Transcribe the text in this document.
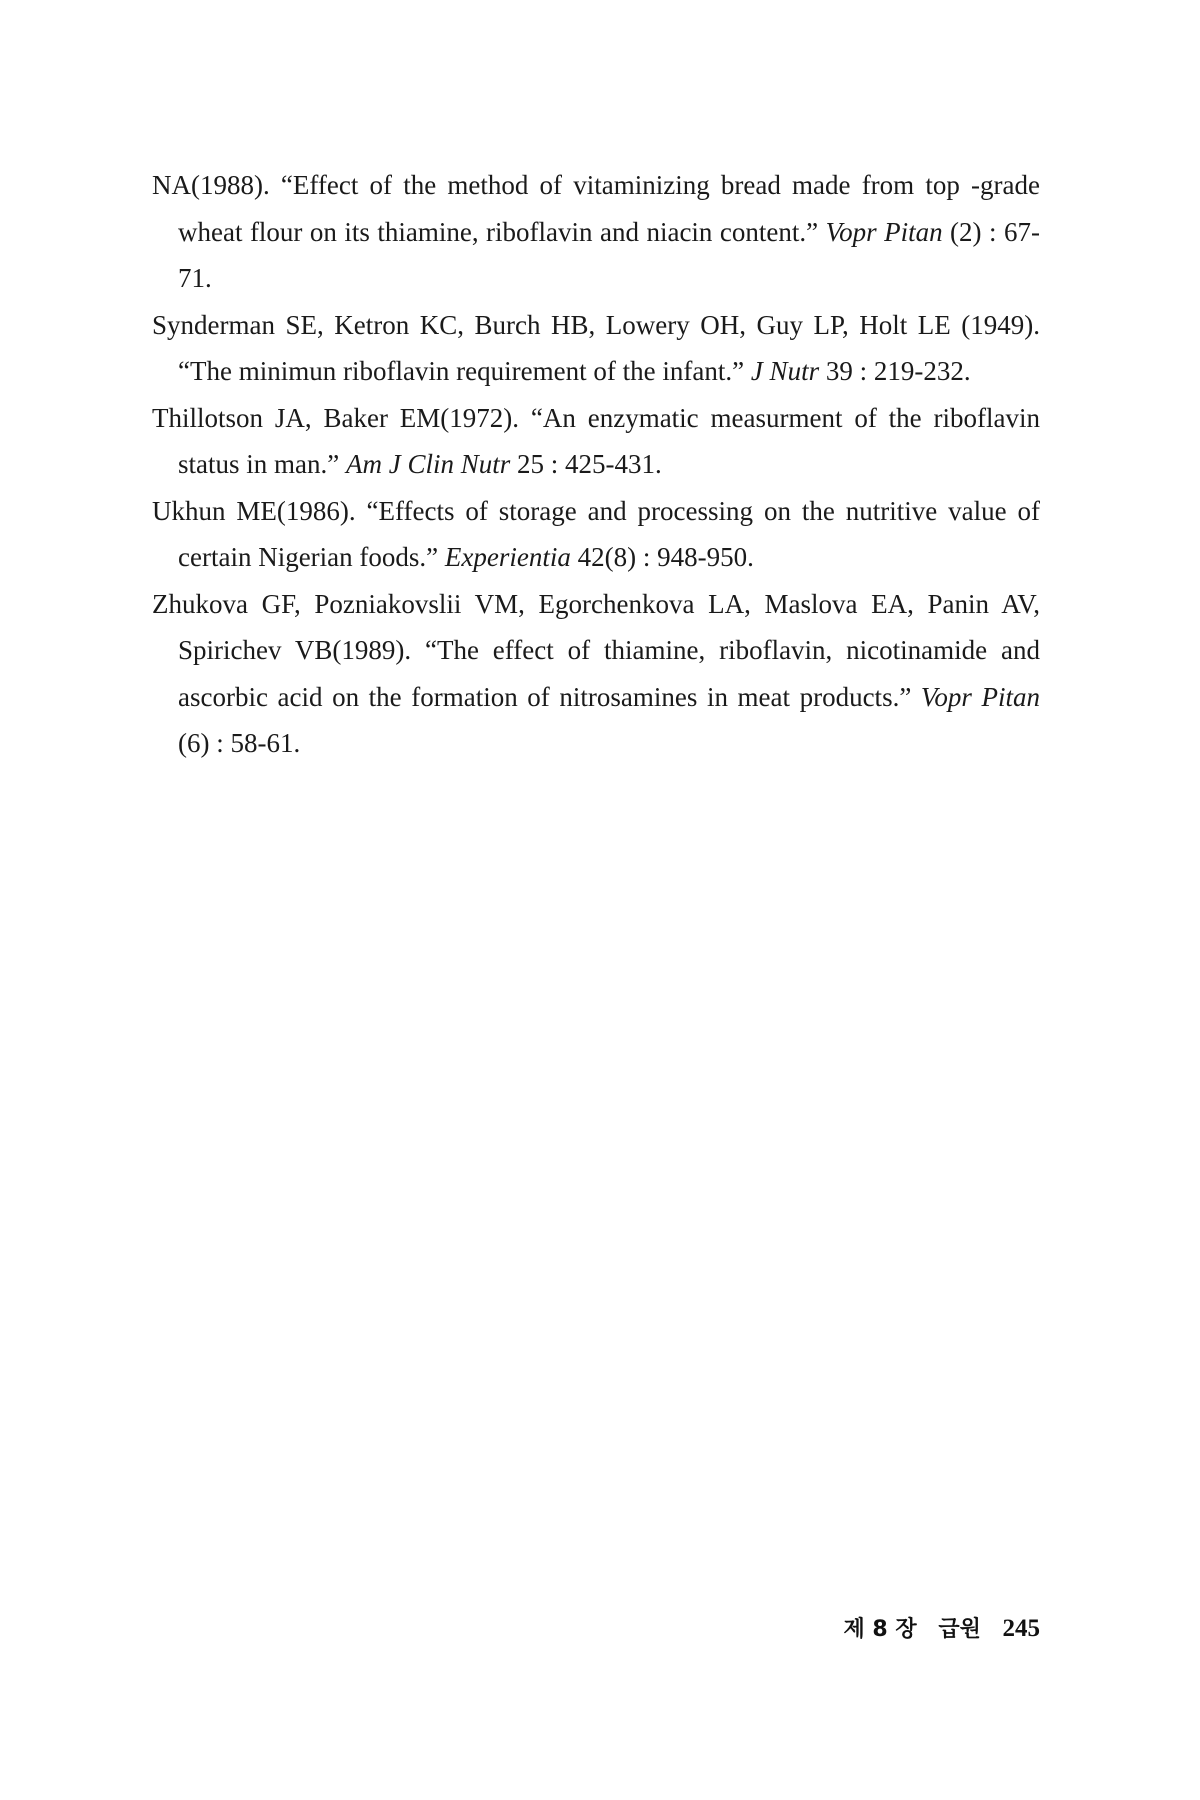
NA(1988). “Effect of the method of vitaminizing bread made from top -grade wheat flour on its thiamine, riboflavin and niacin content.” Vopr Pitan (2) : 67-71.

Synderman SE, Ketron KC, Burch HB, Lowery OH, Guy LP, Holt LE (1949). “The minimun riboflavin requirement of the infant.” J Nutr 39 : 219-232.

Thillotson JA, Baker EM(1972). “An enzymatic measurment of the riboflavin status in man.” Am J Clin Nutr 25 : 425-431.

Ukhun ME(1986). “Effects of storage and processing on the nutritive value of certain Nigerian foods.” Experientia 42(8) : 948-950.

Zhukova GF, Pozniakovslii VM, Egorchenkova LA, Maslova EA, Panin AV, Spirichev VB(1989). “The effect of thiamine, riboflavin, nicotinamide and ascorbic acid on the formation of nitrosamines in meat products.” Vopr Pitan (6) : 58-61.

제 8 장 급원 245
